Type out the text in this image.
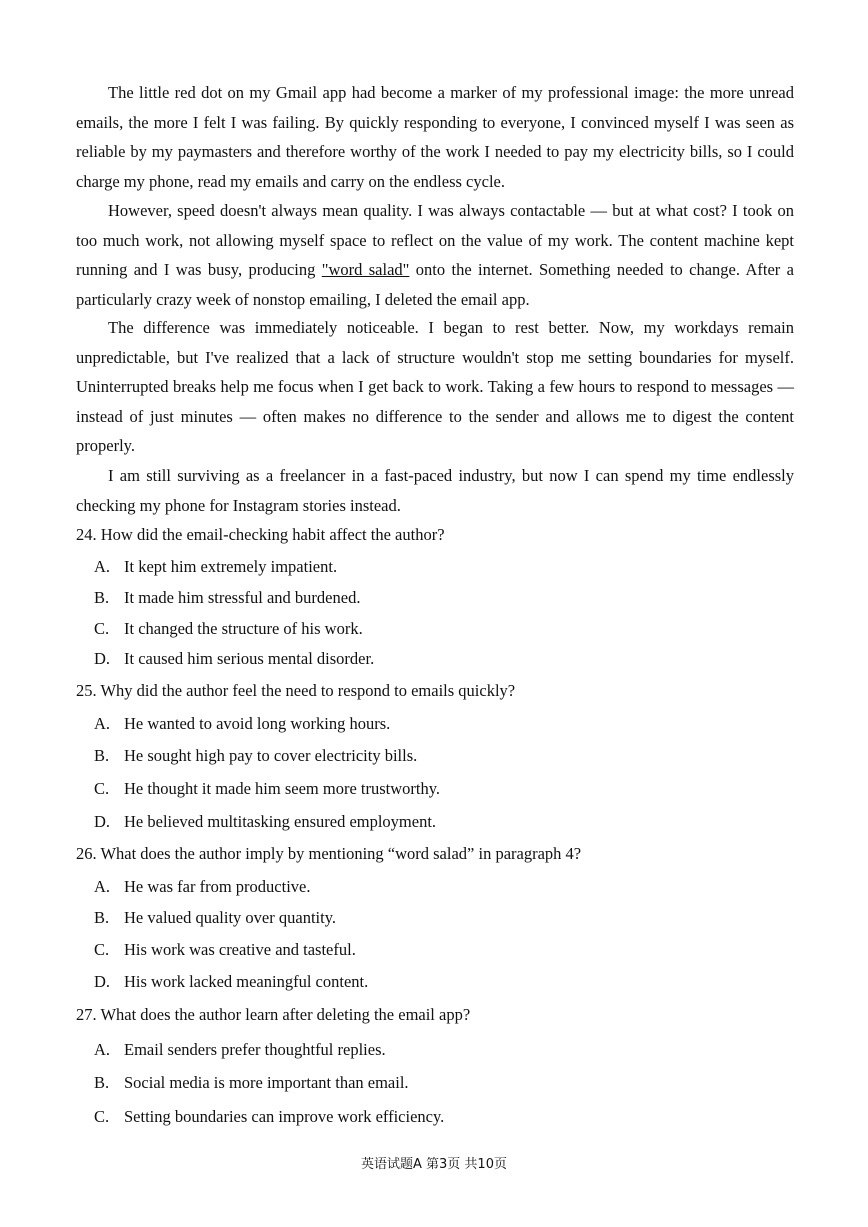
The little red dot on my Gmail app had become a marker of my professional image: the more unread emails, the more I felt I was failing. By quickly responding to everyone, I convinced myself I was seen as reliable by my paymasters and therefore worthy of the work I needed to pay my electricity bills, so I could charge my phone, read my emails and carry on the endless cycle.

However, speed doesn't always mean quality. I was always contactable — but at what cost? I took on too much work, not allowing myself space to reflect on the value of my work. The content machine kept running and I was busy, producing "word salad" onto the internet. Something needed to change. After a particularly crazy week of nonstop emailing, I deleted the email app.

The difference was immediately noticeable. I began to rest better. Now, my workdays remain unpredictable, but I've realized that a lack of structure wouldn't stop me setting boundaries for myself. Uninterrupted breaks help me focus when I get back to work. Taking a few hours to respond to messages — instead of just minutes — often makes no difference to the sender and allows me to digest the content properly.

I am still surviving as a freelancer in a fast-paced industry, but now I can spend my time endlessly checking my phone for Instagram stories instead.

24. How did the email-checking habit affect the author?

A. It kept him extremely impatient.

B. It made him stressful and burdened.

C. It changed the structure of his work.

D. It caused him serious mental disorder.

25. Why did the author feel the need to respond to emails quickly?

A. He wanted to avoid long working hours.

B. He sought high pay to cover electricity bills.

C. He thought it made him seem more trustworthy.

D. He believed multitasking ensured employment.

26. What does the author imply by mentioning “word salad” in paragraph 4?

A. He was far from productive.

B. He valued quality over quantity.

C. His work was creative and tasteful.

D. His work lacked meaningful content.

27. What does the author learn after deleting the email app?

A. Email senders prefer thoughtful replies.

B. Social media is more important than email.

C. Setting boundaries can improve work efficiency.

英语试题A 第3页 共10页
